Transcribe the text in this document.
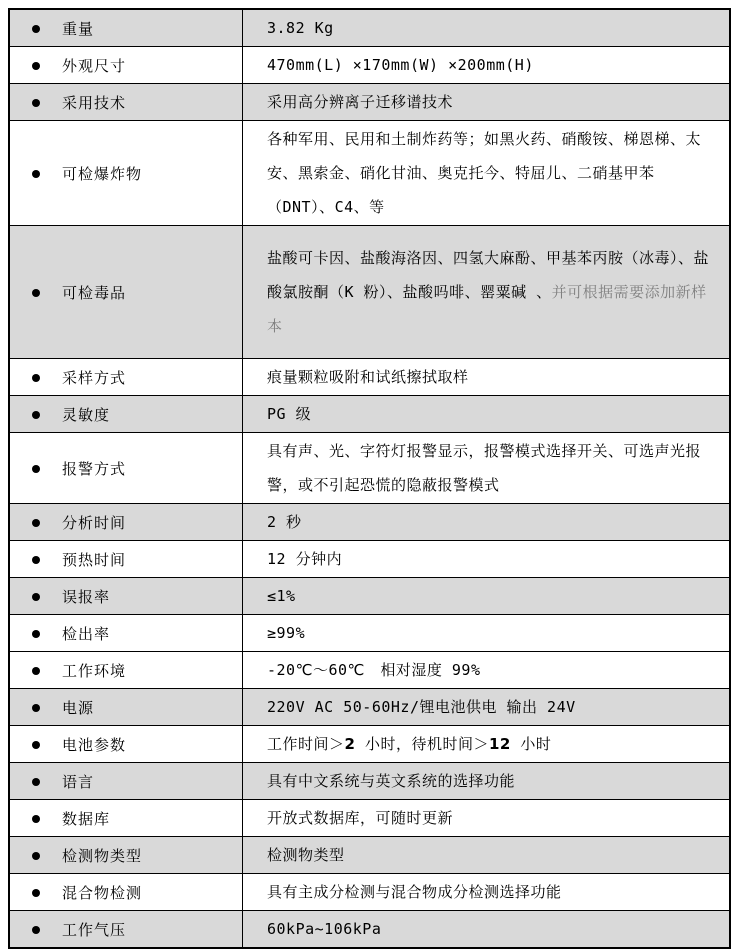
重量	3.82 Kg
外观尺寸	470mm(L) ×170mm(W) ×200mm(H)
采用技术	采用高分辨离子迁移谱技术
可检爆炸物	各种军用、民用和土制炸药等；如黑火药、硝酸铵、梯恩梯、太安、黑索金、硝化甘油、奥克托今、特屈儿、二硝基甲苯（DNT）、C4、等
可检毒品	盐酸可卡因、盐酸海洛因、四氢大麻酚、甲基苯丙胺（冰毒）、盐酸氯胺酮（K 粉）、盐酸吗啡、罂粟碱 、并可根据需要添加新样本
采样方式	痕量颗粒吸附和试纸擦拭取样
灵敏度	PG 级
报警方式	具有声、光、字符灯报警显示，报警模式选择开关、可选声光报警，或不引起恐慌的隐蔽报警模式
分析时间	2 秒
预热时间	12 分钟内
误报率	≤1%
检出率	≥99%
工作环境	-20℃～60℃　相对湿度 99%
电源	220V AC 50-60Hz/锂电池供电 输出 24V
电池参数	工作时间＞2 小时，待机时间＞12 小时
语言	具有中文系统与英文系统的选择功能
数据库	开放式数据库，可随时更新
检测物类型	检测物类型
混合物检测	具有主成分检测与混合物成分检测选择功能
工作气压	60kPa~106kPa
